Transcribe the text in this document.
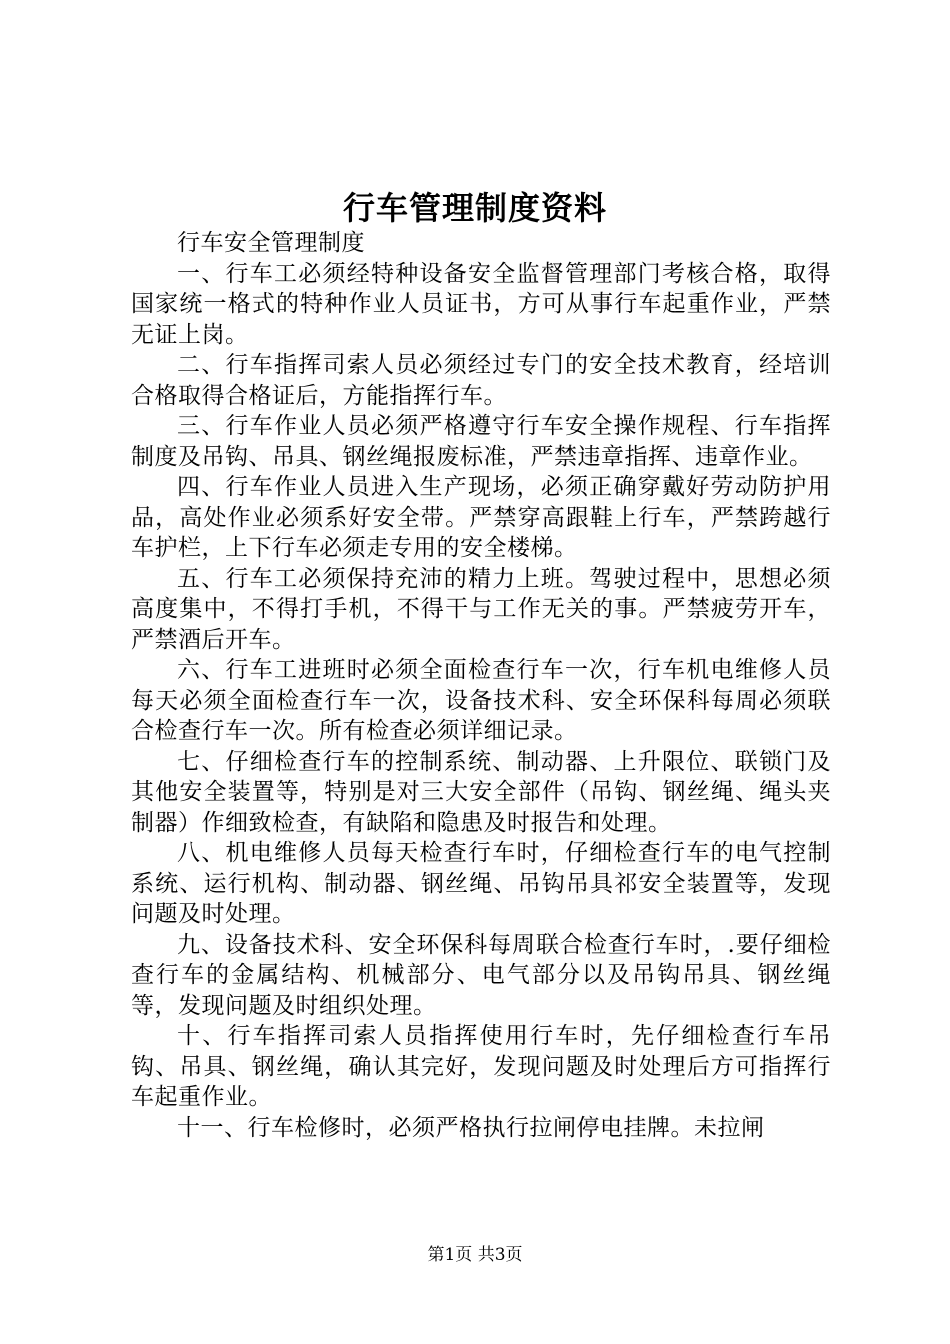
行车管理制度资料

行车安全管理制度

一、行车工必须经特种设备安全监督管理部门考核合格，取得国家统一格式的特种作业人员证书，方可从事行车起重作业，严禁无证上岗。

二、行车指挥司索人员必须经过专门的安全技术教育，经培训合格取得合格证后，方能指挥行车。

三、行车作业人员必须严格遵守行车安全操作规程、行车指挥制度及吊钩、吊具、钢丝绳报废标准，严禁违章指挥、违章作业。

四、行车作业人员进入生产现场，必须正确穿戴好劳动防护用品，高处作业必须系好安全带。严禁穿高跟鞋上行车，严禁跨越行车护栏，上下行车必须走专用的安全楼梯。

五、行车工必须保持充沛的精力上班。驾驶过程中，思想必须高度集中，不得打手机，不得干与工作无关的事。严禁疲劳开车，严禁酒后开车。

六、行车工进班时必须全面检查行车一次，行车机电维修人员每天必须全面检查行车一次，设备技术科、安全环保科每周必须联合检查行车一次。所有检查必须详细记录。

七、仔细检查行车的控制系统、制动器、上升限位、联锁门及其他安全装置等，特别是对三大安全部件（吊钩、钢丝绳、绳头夹制器）作细致检查，有缺陷和隐患及时报告和处理。

八、机电维修人员每天检查行车时，仔细检查行车的电气控制系统、运行机构、制动器、钢丝绳、吊钩吊具祁安全装置等，发现问题及时处理。

九、设备技术科、安全环保科每周联合检查行车时，.要仔细检查行车的金属结构、机械部分、电气部分以及吊钩吊具、钢丝绳等，发现问题及时组织处理。

十、行车指挥司索人员指挥使用行车时，先仔细检查行车吊钩、吊具、钢丝绳，确认其完好，发现问题及时处理后方可指挥行车起重作业。

十一、行车检修时，必须严格执行拉闸停电挂牌。未拉闸

第1页 共3页
